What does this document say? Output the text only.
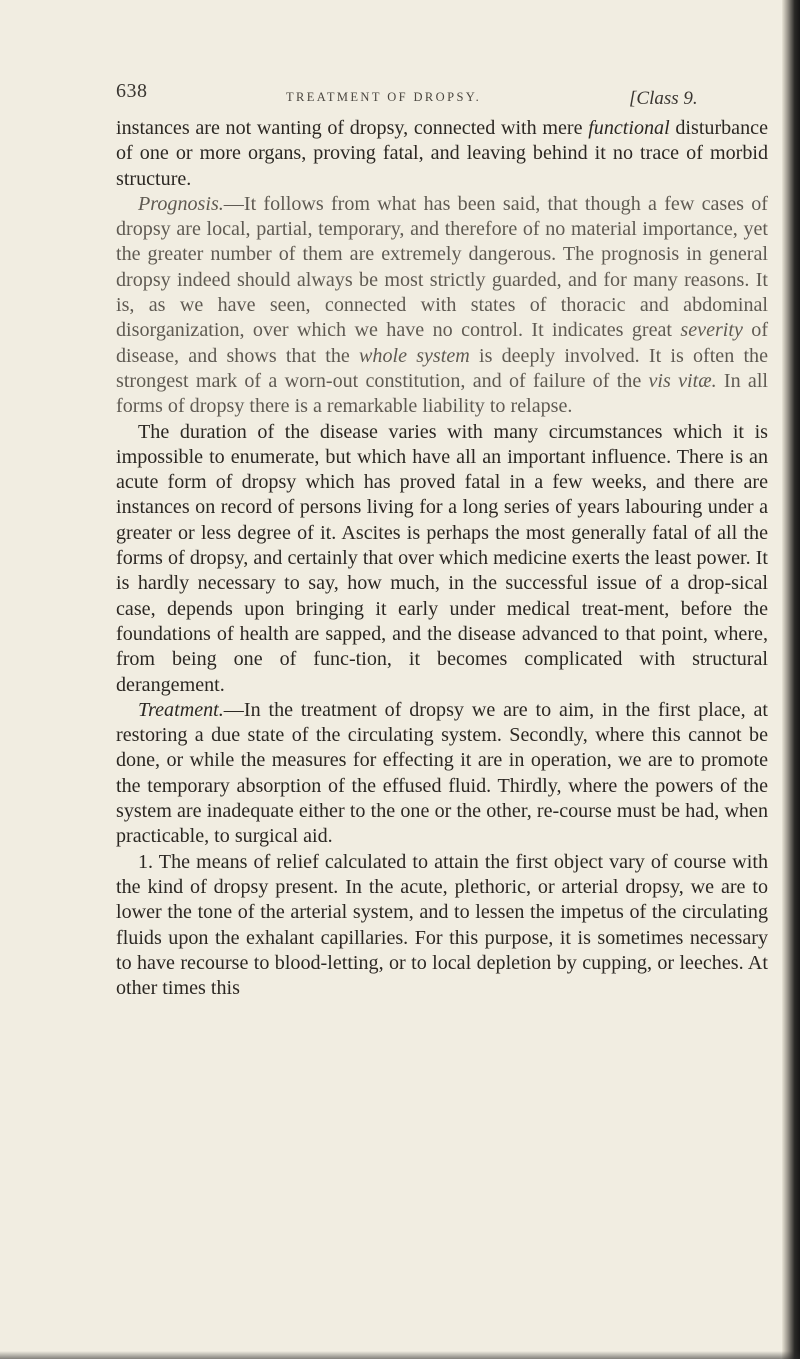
638	TREATMENT OF DROPSY.	[Class 9.

instances are not wanting of dropsy, connected with mere functional disturbance of one or more organs, proving fatal, and leaving behind it no trace of morbid structure.

Prognosis.—It follows from what has been said, that though a few cases of dropsy are local, partial, temporary, and therefore of no material importance, yet the greater number of them are extremely dangerous. The prognosis in general dropsy indeed should always be most strictly guarded, and for many reasons. It is, as we have seen, connected with states of thoracic and abdominal disorganization, over which we have no control. It indicates great severity of disease, and shows that the whole system is deeply involved. It is often the strongest mark of a worn-out constitution, and of failure of the vis vitæ. In all forms of dropsy there is a remarkable liability to relapse.

The duration of the disease varies with many circumstances which it is impossible to enumerate, but which have all an important influence. There is an acute form of dropsy which has proved fatal in a few weeks, and there are instances on record of persons living for a long series of years labouring under a greater or less degree of it. Ascites is perhaps the most generally fatal of all the forms of dropsy, and certainly that over which medicine exerts the least power. It is hardly necessary to say, how much, in the successful issue of a drop-sical case, depends upon bringing it early under medical treat-ment, before the foundations of health are sapped, and the disease advanced to that point, where, from being one of func-tion, it becomes complicated with structural derangement.

Treatment.—In the treatment of dropsy we are to aim, in the first place, at restoring a due state of the circulating system. Secondly, where this cannot be done, or while the measures for effecting it are in operation, we are to promote the temporary absorption of the effused fluid. Thirdly, where the powers of the system are inadequate either to the one or the other, re-course must be had, when practicable, to surgical aid.

1. The means of relief calculated to attain the first object vary of course with the kind of dropsy present. In the acute, plethoric, or arterial dropsy, we are to lower the tone of the arterial system, and to lessen the impetus of the circulating fluids upon the exhalant capillaries. For this purpose, it is sometimes necessary to have recourse to blood-letting, or to local depletion by cupping, or leeches. At other times this
